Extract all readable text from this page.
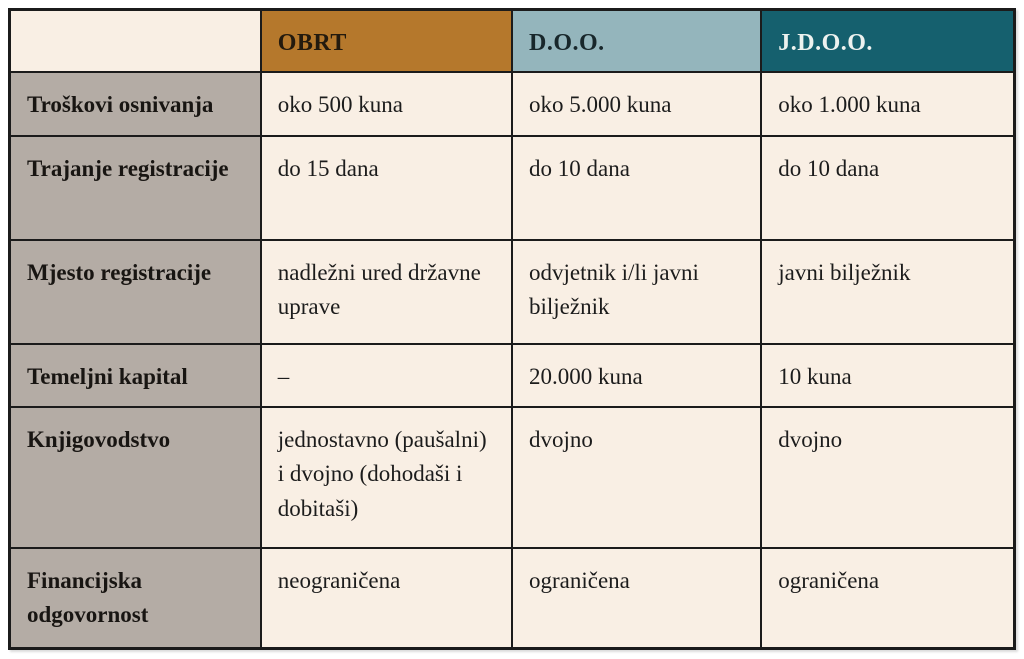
	OBRT	D.O.O.	J.D.O.O.
Troškovi osnivanja	oko 500 kuna	oko 5.000 kuna	oko 1.000 kuna
Trajanje registracije	do 15 dana	do 10 dana	do 10 dana
Mjesto registracije	nadležni ured državne uprave	odvjetnik i/li javni bilježnik	javni bilježnik
Temeljni kapital	–	20.000 kuna	10 kuna
Knjigovodstvo	jednostavno (paušalni) i dvojno (dohodaši i dobitaši)	dvojno	dvojno
Financijska odgovornost	neograničena	ograničena	ograničena
